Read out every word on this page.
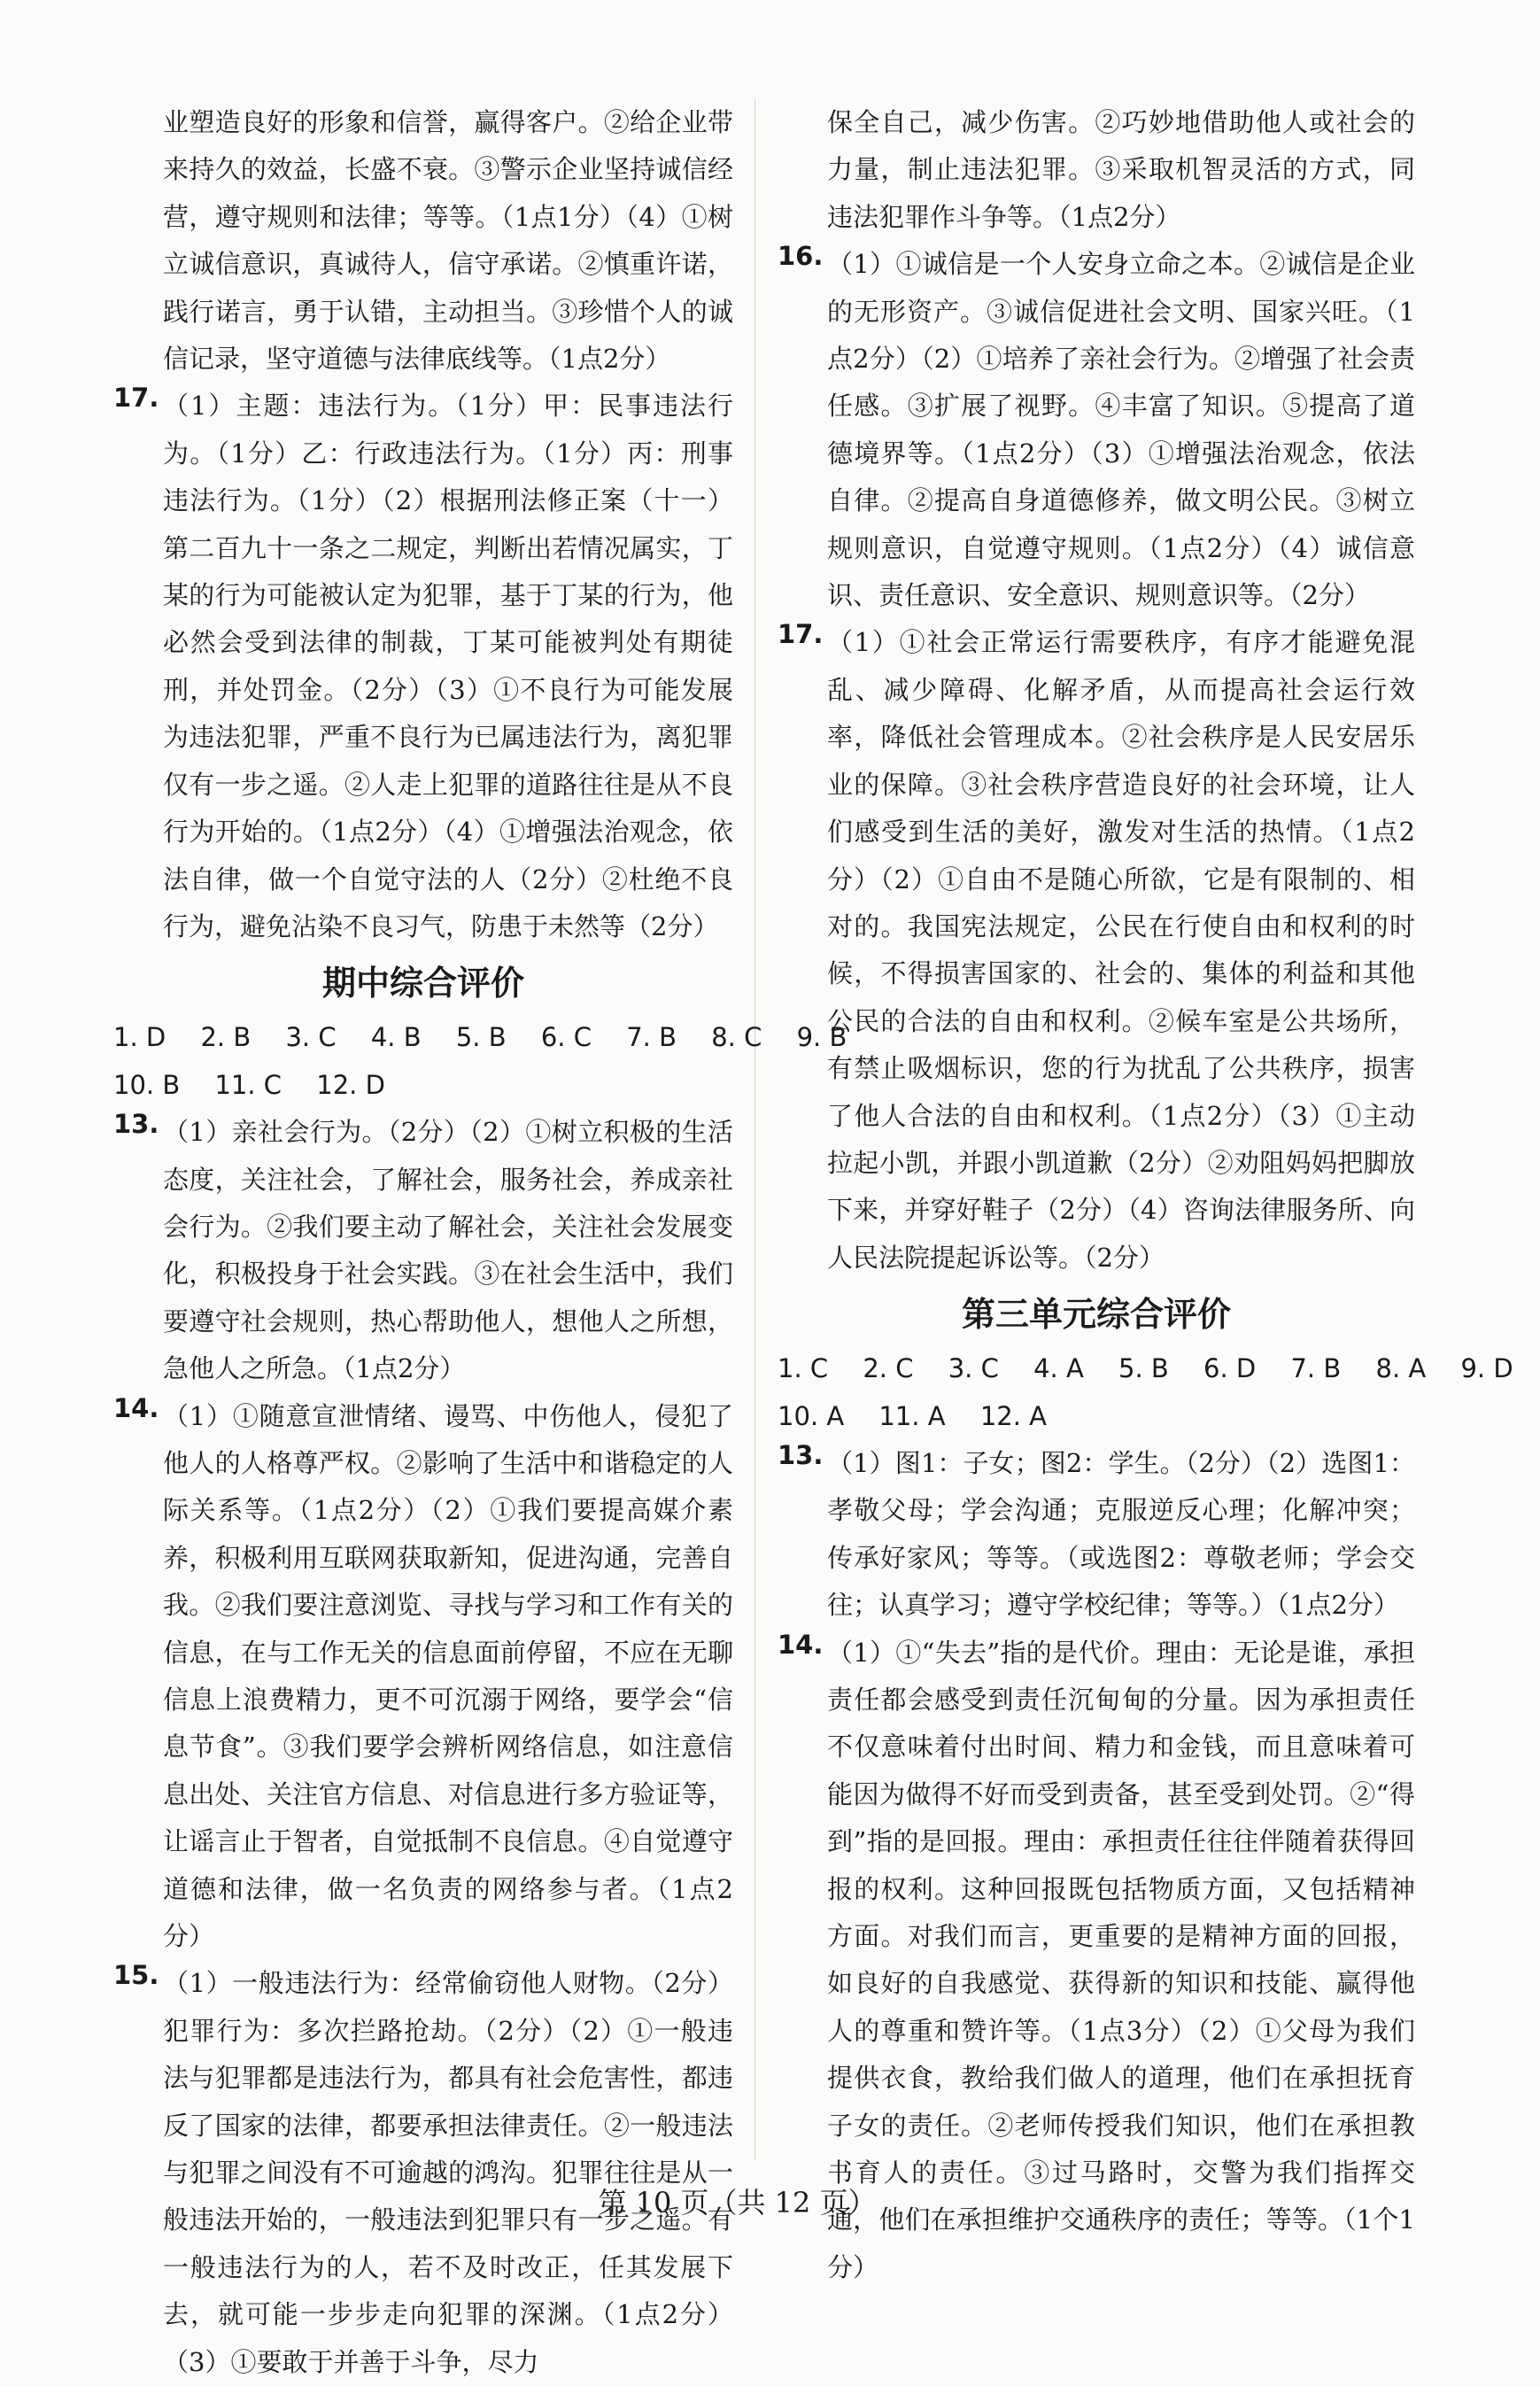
业塑造良好的形象和信誉，赢得客户。②给企业带来持久的效益，长盛不衰。③警示企业坚持诚信经营，遵守规则和法律；等等。（1点1分）（4）①树立诚信意识，真诚待人，信守承诺。②慎重许诺，践行诺言，勇于认错，主动担当。③珍惜个人的诚信记录，坚守道德与法律底线等。（1点2分）

17. （1）主题：违法行为。（1分）甲：民事违法行为。（1分）乙：行政违法行为。（1分）丙：刑事违法行为。（1分）（2）根据刑法修正案（十一）第二百九十一条之二规定，判断出若情况属实，丁某的行为可能被认定为犯罪，基于丁某的行为，他必然会受到法律的制裁，丁某可能被判处有期徒刑，并处罚金。（2分）（3）①不良行为可能发展为违法犯罪，严重不良行为已属违法行为，离犯罪仅有一步之遥。②人走上犯罪的道路往往是从不良行为开始的。（1点2分）（4）①增强法治观念，依法自律，做一个自觉守法的人（2分）②杜绝不良行为，避免沾染不良习气，防患于未然等（2分）

期中综合评价

1. D 2. B 3. C 4. B 5. B 6. C 7. B 8. C 9. B

10. B 11. C 12. D

13. （1）亲社会行为。（2分）（2）①树立积极的生活态度，关注社会，了解社会，服务社会，养成亲社会行为。②我们要主动了解社会，关注社会发展变化，积极投身于社会实践。③在社会生活中，我们要遵守社会规则，热心帮助他人，想他人之所想，急他人之所急。（1点2分）

14. （1）①随意宣泄情绪、谩骂、中伤他人，侵犯了他人的人格尊严权。②影响了生活中和谐稳定的人际关系等。（1点2分）（2）①我们要提高媒介素养，积极利用互联网获取新知，促进沟通，完善自我。②我们要注意浏览、寻找与学习和工作有关的信息，在与工作无关的信息面前停留，不应在无聊信息上浪费精力，更不可沉溺于网络，要学会“信息节食”。③我们要学会辨析网络信息，如注意信息出处、关注官方信息、对信息进行多方验证等，让谣言止于智者，自觉抵制不良信息。④自觉遵守道德和法律，做一名负责的网络参与者。（1点2分）

15. （1）一般违法行为：经常偷窃他人财物。（2分）犯罪行为：多次拦路抢劫。（2分）（2）①一般违法与犯罪都是违法行为，都具有社会危害性，都违反了国家的法律，都要承担法律责任。②一般违法与犯罪之间没有不可逾越的鸿沟。犯罪往往是从一般违法开始的，一般违法到犯罪只有一步之遥。有一般违法行为的人，若不及时改正，任其发展下去，就可能一步步走向犯罪的深渊。（1点2分）（3）①要敢于并善于斗争，尽力

保全自己，减少伤害。②巧妙地借助他人或社会的力量，制止违法犯罪。③采取机智灵活的方式，同违法犯罪作斗争等。（1点2分）

16. （1）①诚信是一个人安身立命之本。②诚信是企业的无形资产。③诚信促进社会文明、国家兴旺。（1点2分）（2）①培养了亲社会行为。②增强了社会责任感。③扩展了视野。④丰富了知识。⑤提高了道德境界等。（1点2分）（3）①增强法治观念，依法自律。②提高自身道德修养，做文明公民。③树立规则意识，自觉遵守规则。（1点2分）（4）诚信意识、责任意识、安全意识、规则意识等。（2分）

17. （1）①社会正常运行需要秩序，有序才能避免混乱、减少障碍、化解矛盾，从而提高社会运行效率，降低社会管理成本。②社会秩序是人民安居乐业的保障。③社会秩序营造良好的社会环境，让人们感受到生活的美好，激发对生活的热情。（1点2分）（2）①自由不是随心所欲，它是有限制的、相对的。我国宪法规定，公民在行使自由和权利的时候，不得损害国家的、社会的、集体的利益和其他公民的合法的自由和权利。②候车室是公共场所，有禁止吸烟标识，您的行为扰乱了公共秩序，损害了他人合法的自由和权利。（1点2分）（3）①主动拉起小凯，并跟小凯道歉（2分）②劝阻妈妈把脚放下来，并穿好鞋子（2分）（4）咨询法律服务所、向人民法院提起诉讼等。（2分）

第三单元综合评价

1. C 2. C 3. C 4. A 5. B 6. D 7. B 8. A 9. D

10. A 11. A 12. A

13. （1）图1：子女；图2：学生。（2分）（2）选图1：孝敬父母；学会沟通；克服逆反心理；化解冲突；传承好家风；等等。（或选图2：尊敬老师；学会交往；认真学习；遵守学校纪律；等等。）（1点2分）

14. （1）①“失去”指的是代价。理由：无论是谁，承担责任都会感受到责任沉甸甸的分量。因为承担责任不仅意味着付出时间、精力和金钱，而且意味着可能因为做得不好而受到责备，甚至受到处罚。②“得到”指的是回报。理由：承担责任往往伴随着获得回报的权利。这种回报既包括物质方面，又包括精神方面。对我们而言，更重要的是精神方面的回报，如良好的自我感觉、获得新的知识和技能、赢得他人的尊重和赞许等。（1点3分）（2）①父母为我们提供衣食，教给我们做人的道理，他们在承担抚育子女的责任。②老师传授我们知识，他们在承担教书育人的责任。③过马路时，交警为我们指挥交通，他们在承担维护交通秩序的责任；等等。（1个1分）

第 10 页（共 12 页）
